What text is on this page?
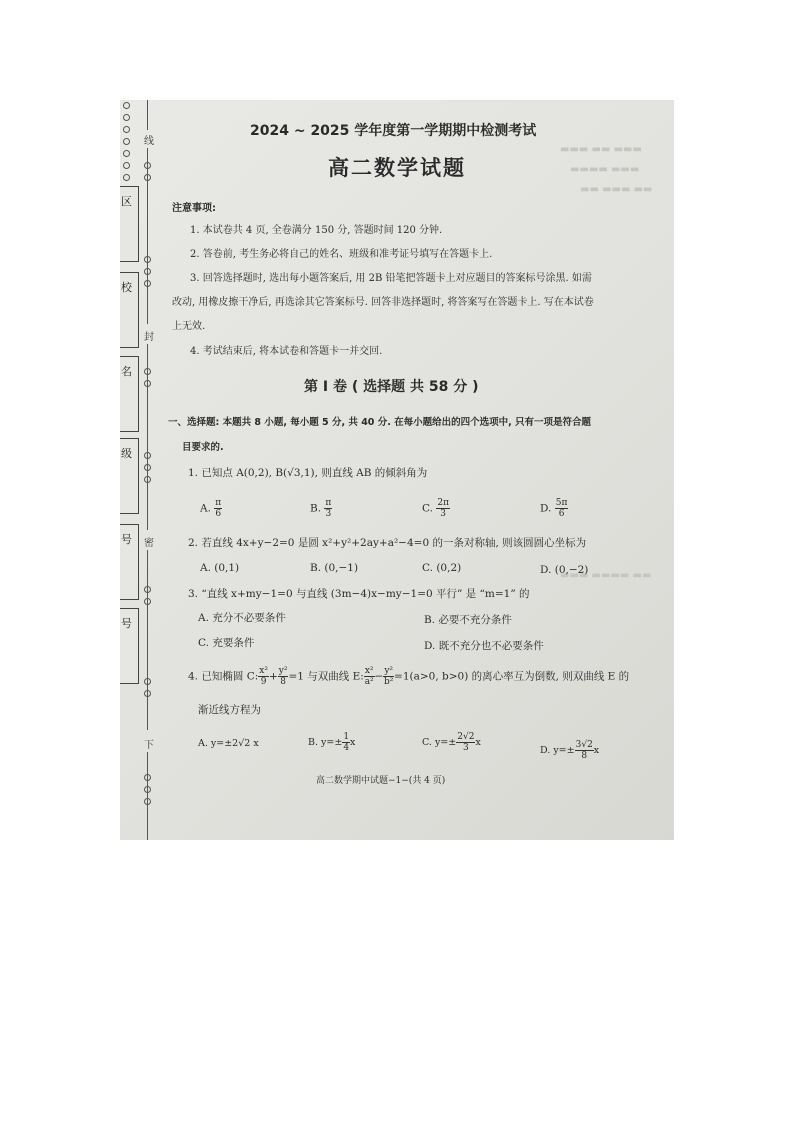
区
校
名
级
号
号
线
封
密
下
▬▬▬ ▬▬ ▬▬▬
▬▬▬▬ ▬▬▬
▬▬ ▬▬▬ ▬▬
▬▬▬ ▬▬▬▬ ▬▬
2024 ~ 2025 学年度第一学期期中检测考试
高二数学试题
注意事项:
1. 本试卷共 4 页, 全卷满分 150 分, 答题时间 120 分钟.
2. 答卷前, 考生务必将自己的姓名、班级和准考证号填写在答题卡上.
3. 回答选择题时, 选出每小题答案后, 用 2B 铅笔把答题卡上对应题目的答案标号涂黑. 如需
改动, 用橡皮擦干净后, 再选涂其它答案标号. 回答非选择题时, 将答案写在答题卡上. 写在本试卷
上无效.
4. 考试结束后, 将本试卷和答题卡一并交回.
第 I 卷 ( 选择题 共 58 分 )
一、选择题: 本题共 8 小题, 每小题 5 分, 共 40 分. 在每小题给出的四个选项中, 只有一项是符合题
目要求的.
1. 已知点 A(0,2), B(√3,1), 则直线 AB 的倾斜角为
A. $\frac{\pi}{6}$	B. $\frac{\pi}{3}$	C. $\frac{2\pi}{3}$	D. $\frac{5\pi}{6}$
2. 若直线 4x+y−2=0 是圆 x²+y²+2ay+a²−4=0 的一条对称轴, 则该圆圆心坐标为
A. (0,1)	B. (0,−1)	C. (0,2)	D. (0,−2)
3. “直线 x+my−1=0 与直线 (3m−4)x−my−1=0 平行” 是 “m=1” 的
A. 充分不必要条件	B. 必要不充分条件
C. 充要条件	D. 既不充分也不必要条件
4. 已知椭圆 C: $\frac{\text{x²}}{9} + \frac{\text{y²}}{8} =1$ 与双曲线 E: $\frac{\text{x²}}{\text{a²}} - \frac{\text{y²}}{\text{b²}} =1(a>0$, b>0) 的离心率互为倒数, 则双曲线 E 的
渐近线方程为
A. y=±2√2 x	B. $y=\pm \frac{1}{4}$ x	C. $y=\pm \frac{2√2}{3}$ x
D. $y=\pm \frac{3√2}{8}$ x
高二数学期中试题−1−(共 4 页)
